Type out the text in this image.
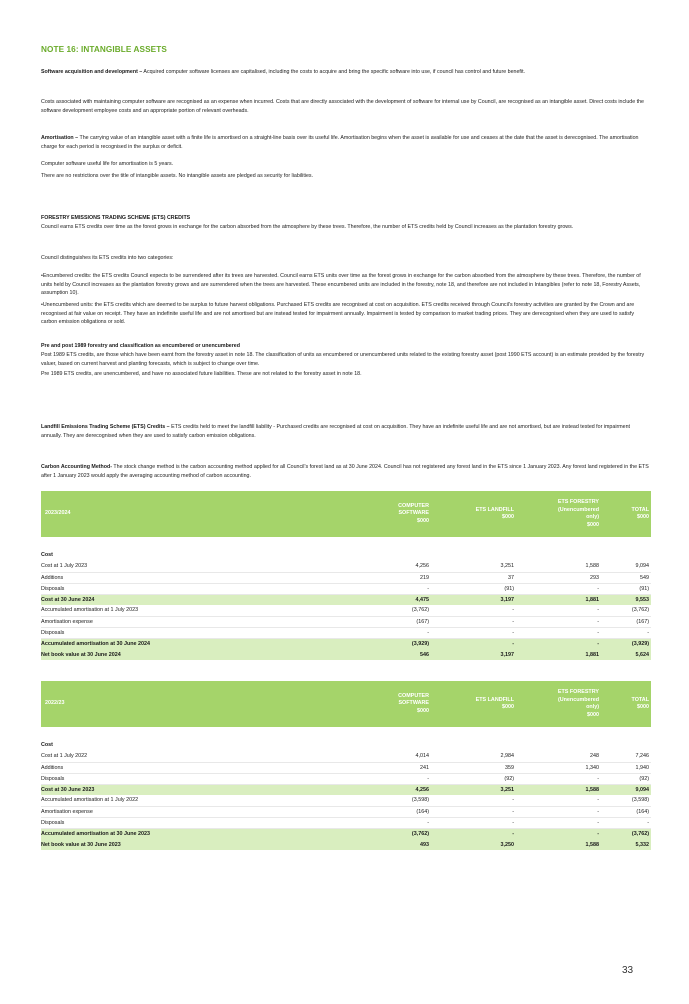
NOTE 16: INTANGIBLE ASSETS
Software acquisition and development – Acquired computer software licenses are capitalised, including the costs to acquire and bring the specific software into use, if council has control and future benefit.
Costs associated with maintaining computer software are recognised as an expense when incurred. Costs that are directly associated with the development of software for internal use by Council, are recognised as an intangible asset. Direct costs include the software development employee costs and an appropriate portion of relevant overheads.
Amortisation – The carrying value of an intangible asset with a finite life is amortised on a straight-line basis over its useful life. Amortisation begins when the asset is available for use and ceases at the date that the asset is derecognised. The amortisation charge for each period is recognised in the surplus or deficit.
Computer software useful life for amortisation is 5 years.
There are no restrictions over the title of intangible assets. No intangible assets are pledged as security for liabilities.
FORESTRY EMISSIONS TRADING SCHEME (ETS) CREDITS
Council earns ETS credits over time as the forest grows in exchange for the carbon absorbed from the atmosphere by these trees. Therefore, the number of ETS credits held by Council increases as the plantation forestry grows.
Council distinguishes its ETS credits into two categories:
•Encumbered credits: the ETS credits Council expects to be surrendered after its trees are harvested. Council earns ETS units over time as the forest grows in exchange for the carbon absorbed from the atmosphere by these trees. Therefore, the number of units held by Council increases as the plantation forestry grows and are surrendered when the trees are harvested. These encumbered units are included in the forestry, note 18, and therefore are not included in Intangibles (refer to note 18, Forestry Assets, assumption 10).
•Unencumbered units: the ETS credits which are deemed to be surplus to future harvest obligations. Purchased ETS credits are recognised at cost on acquisition. ETS credits received through Council's forestry activities are granted by the Crown and are recognised at fair value on receipt. They have an indefinite useful life and are not amortised but are instead tested for impairment annually. Impairment is tested by comparison to market trading prices. They are derecognised when they are used to satisfy carbon emission obligations or sold.
Pre and post 1989 forestry and classification as encumbered or unencumbered
Post 1989 ETS credits, are those which have been earnt from the forestry asset in note 18. The classification of units as encumbered or unencumbered units related to the existing forestry asset (post 1990 ETS account) is an estimate provided by the forestry valuer, based on current harvest and planting forecasts, which is subject to change over time.
Pre 1989 ETS credits, are unencumbered, and have no associated future liabilities. These are not related to the forestry asset in note 18.
Landfill Emissions Trading Scheme (ETS) Credits – ETS credits held to meet the landfill liability - Purchased credits are recognised at cost on acquisition. They have an indefinite useful life and are not amortised, but are instead tested for impairment annually. They are derecognised when they are used to satisfy carbon emission obligations.
Carbon Accounting Method- The stock change method is the carbon accounting method applied for all Council's forest land as at 30 June 2024. Council has not registered any forest land in the ETS since 1 January 2023. Any forest land registered in the ETS after 1 January 2023 would apply the averaging accounting method of carbon accounting.
2023/2024	COMPUTER
SOFTWARE
$000	ETS LANDFILL
$000	ETS FORESTRY
(Unencumbered
only)
$000	TOTAL
$000

Cost				
Cost at 1 July 2023	4,256	3,251	1,588	9,094
Additions	219	37	293	549
Disposals	-	(91)	-	(91)
Cost at 30 June 2024	4,475	3,197	1,881	9,553
Accumulated amortisation at 1 July 2023	(3,762)	-	-	(3,762)
Amortisation expense	(167)	-	-	(167)
Disposals	-	-	-	-
Accumulated amortisation at 30 June 2024	(3,929)	-	-	(3,929)
Net book value at 30 June 2024	546	3,197	1,881	5,624
2022/23	COMPUTER
SOFTWARE
$000	ETS LANDFILL
$000	ETS FORESTRY
(Unencumbered
only)
$000	TOTAL
$000

Cost				
Cost at 1 July 2022	4,014	2,984	248	7,246
Additions	241	359	1,340	1,940
Disposals	-	(92)	-	(92)
Cost at 30 June 2023	4,256	3,251	1,588	9,094
Accumulated amortisation at 1 July 2022	(3,598)	-	-	(3,598)
Amortisation expense	(164)	-	-	(164)
Disposals	-	-	-	-
Accumulated amortisation at 30 June 2023	(3,762)	-	-	(3,762)
Net book value at 30 June 2023	493	3,250	1,588	5,332
33
